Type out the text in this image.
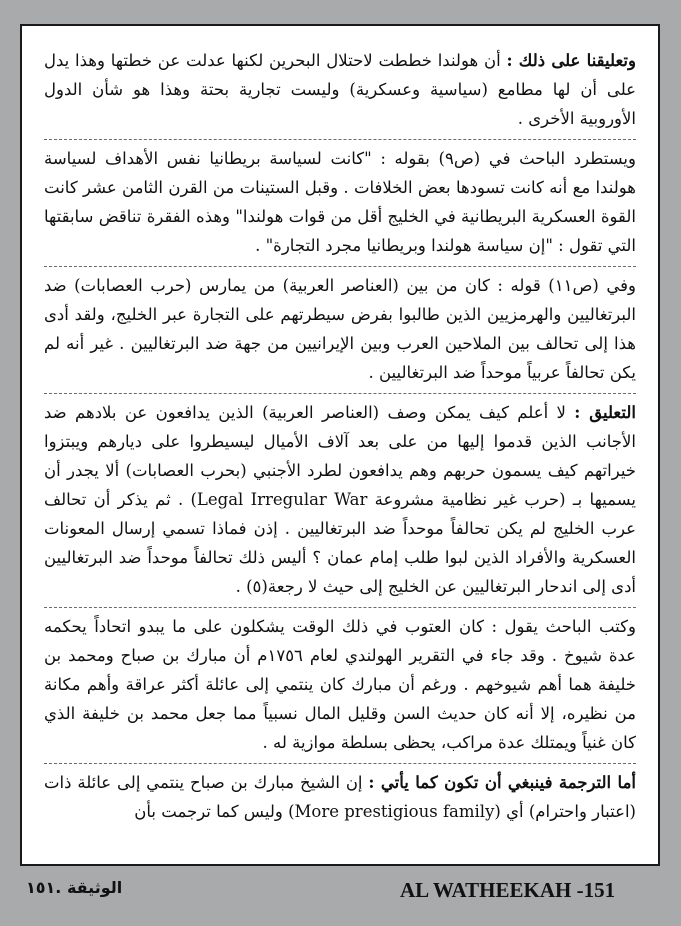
وتعليقنا على ذلك : أن هولندا خططت لاحتلال البحرين لكنها عدلت عن خطتها وهذا يدل على أن لها مطامع (سياسية وعسكرية) وليست تجارية بحتة وهذا هو شأن الدول الأوروبية الأخرى .

ويستطرد الباحث في (ص٩) بقوله : "كانت لسياسة بريطانيا نفس الأهداف لسياسة هولندا مع أنه كانت تسودها بعض الخلافات . وقبل الستينات من القرن الثامن عشر كانت القوة العسكرية البريطانية في الخليج أقل من قوات هولندا" وهذه الفقرة تناقض سابقتها التي تقول : "إن سياسة هولندا وبريطانيا مجرد التجارة" .

وفي (ص١١) قوله : كان من بين (العناصر العربية) من يمارس (حرب العصابات) ضد البرتغاليين والهرمزيين الذين طالبوا بفرض سيطرتهم على التجارة عبر الخليج، ولقد أدى هذا إلى تحالف بين الملاحين العرب وبين الإيرانيين من جهة ضد البرتغاليين . غير أنه لم يكن تحالفاً عربياً موحداً ضد البرتغاليين .

التعليق : لا أعلم كيف يمكن وصف (العناصر العربية) الذين يدافعون عن بلادهم ضد الأجانب الذين قدموا إليها من على بعد آلاف الأميال ليسيطروا على ديارهم ويبتزوا خيراتهم كيف يسمون حربهم وهم يدافعون لطرد الأجنبي (بحرب العصابات) ألا يجدر أن يسميها بـ (حرب غير نظامية مشروعة Legal Irregular War) . ثم يذكر أن تحالف عرب الخليج لم يكن تحالفاً موحداً ضد البرتغاليين . إذن فماذا تسمي إرسال المعونات العسكرية والأفراد الذين لبوا طلب إمام عمان ؟ أليس ذلك تحالفاً موحداً ضد البرتغاليين أدى إلى اندحار البرتغاليين عن الخليج إلى حيث لا رجعة(٥) .

وكتب الباحث يقول : كان العتوب في ذلك الوقت يشكلون على ما يبدو اتحاداً يحكمه عدة شيوخ . وقد جاء في التقرير الهولندي لعام ١٧٥٦م أن مبارك بن صباح ومحمد بن خليفة هما أهم شيوخهم . ورغم أن مبارك كان ينتمي إلى عائلة أكثر عراقة وأهم مكانة من نظيره، إلا أنه كان حديث السن وقليل المال نسبياً مما جعل محمد بن خليفة الذي كان غنياً ويمتلك عدة مراكب، يحظى بسلطة موازية له .

أما الترجمة فينبغي أن تكون كما يأتي : إن الشيخ مبارك بن صباح ينتمي إلى عائلة ذات (اعتبار واحترام) أي (More prestigious family) وليس كما ترجمت بأن

الوثيقة .١٥١	AL WATHEEKAH -151
